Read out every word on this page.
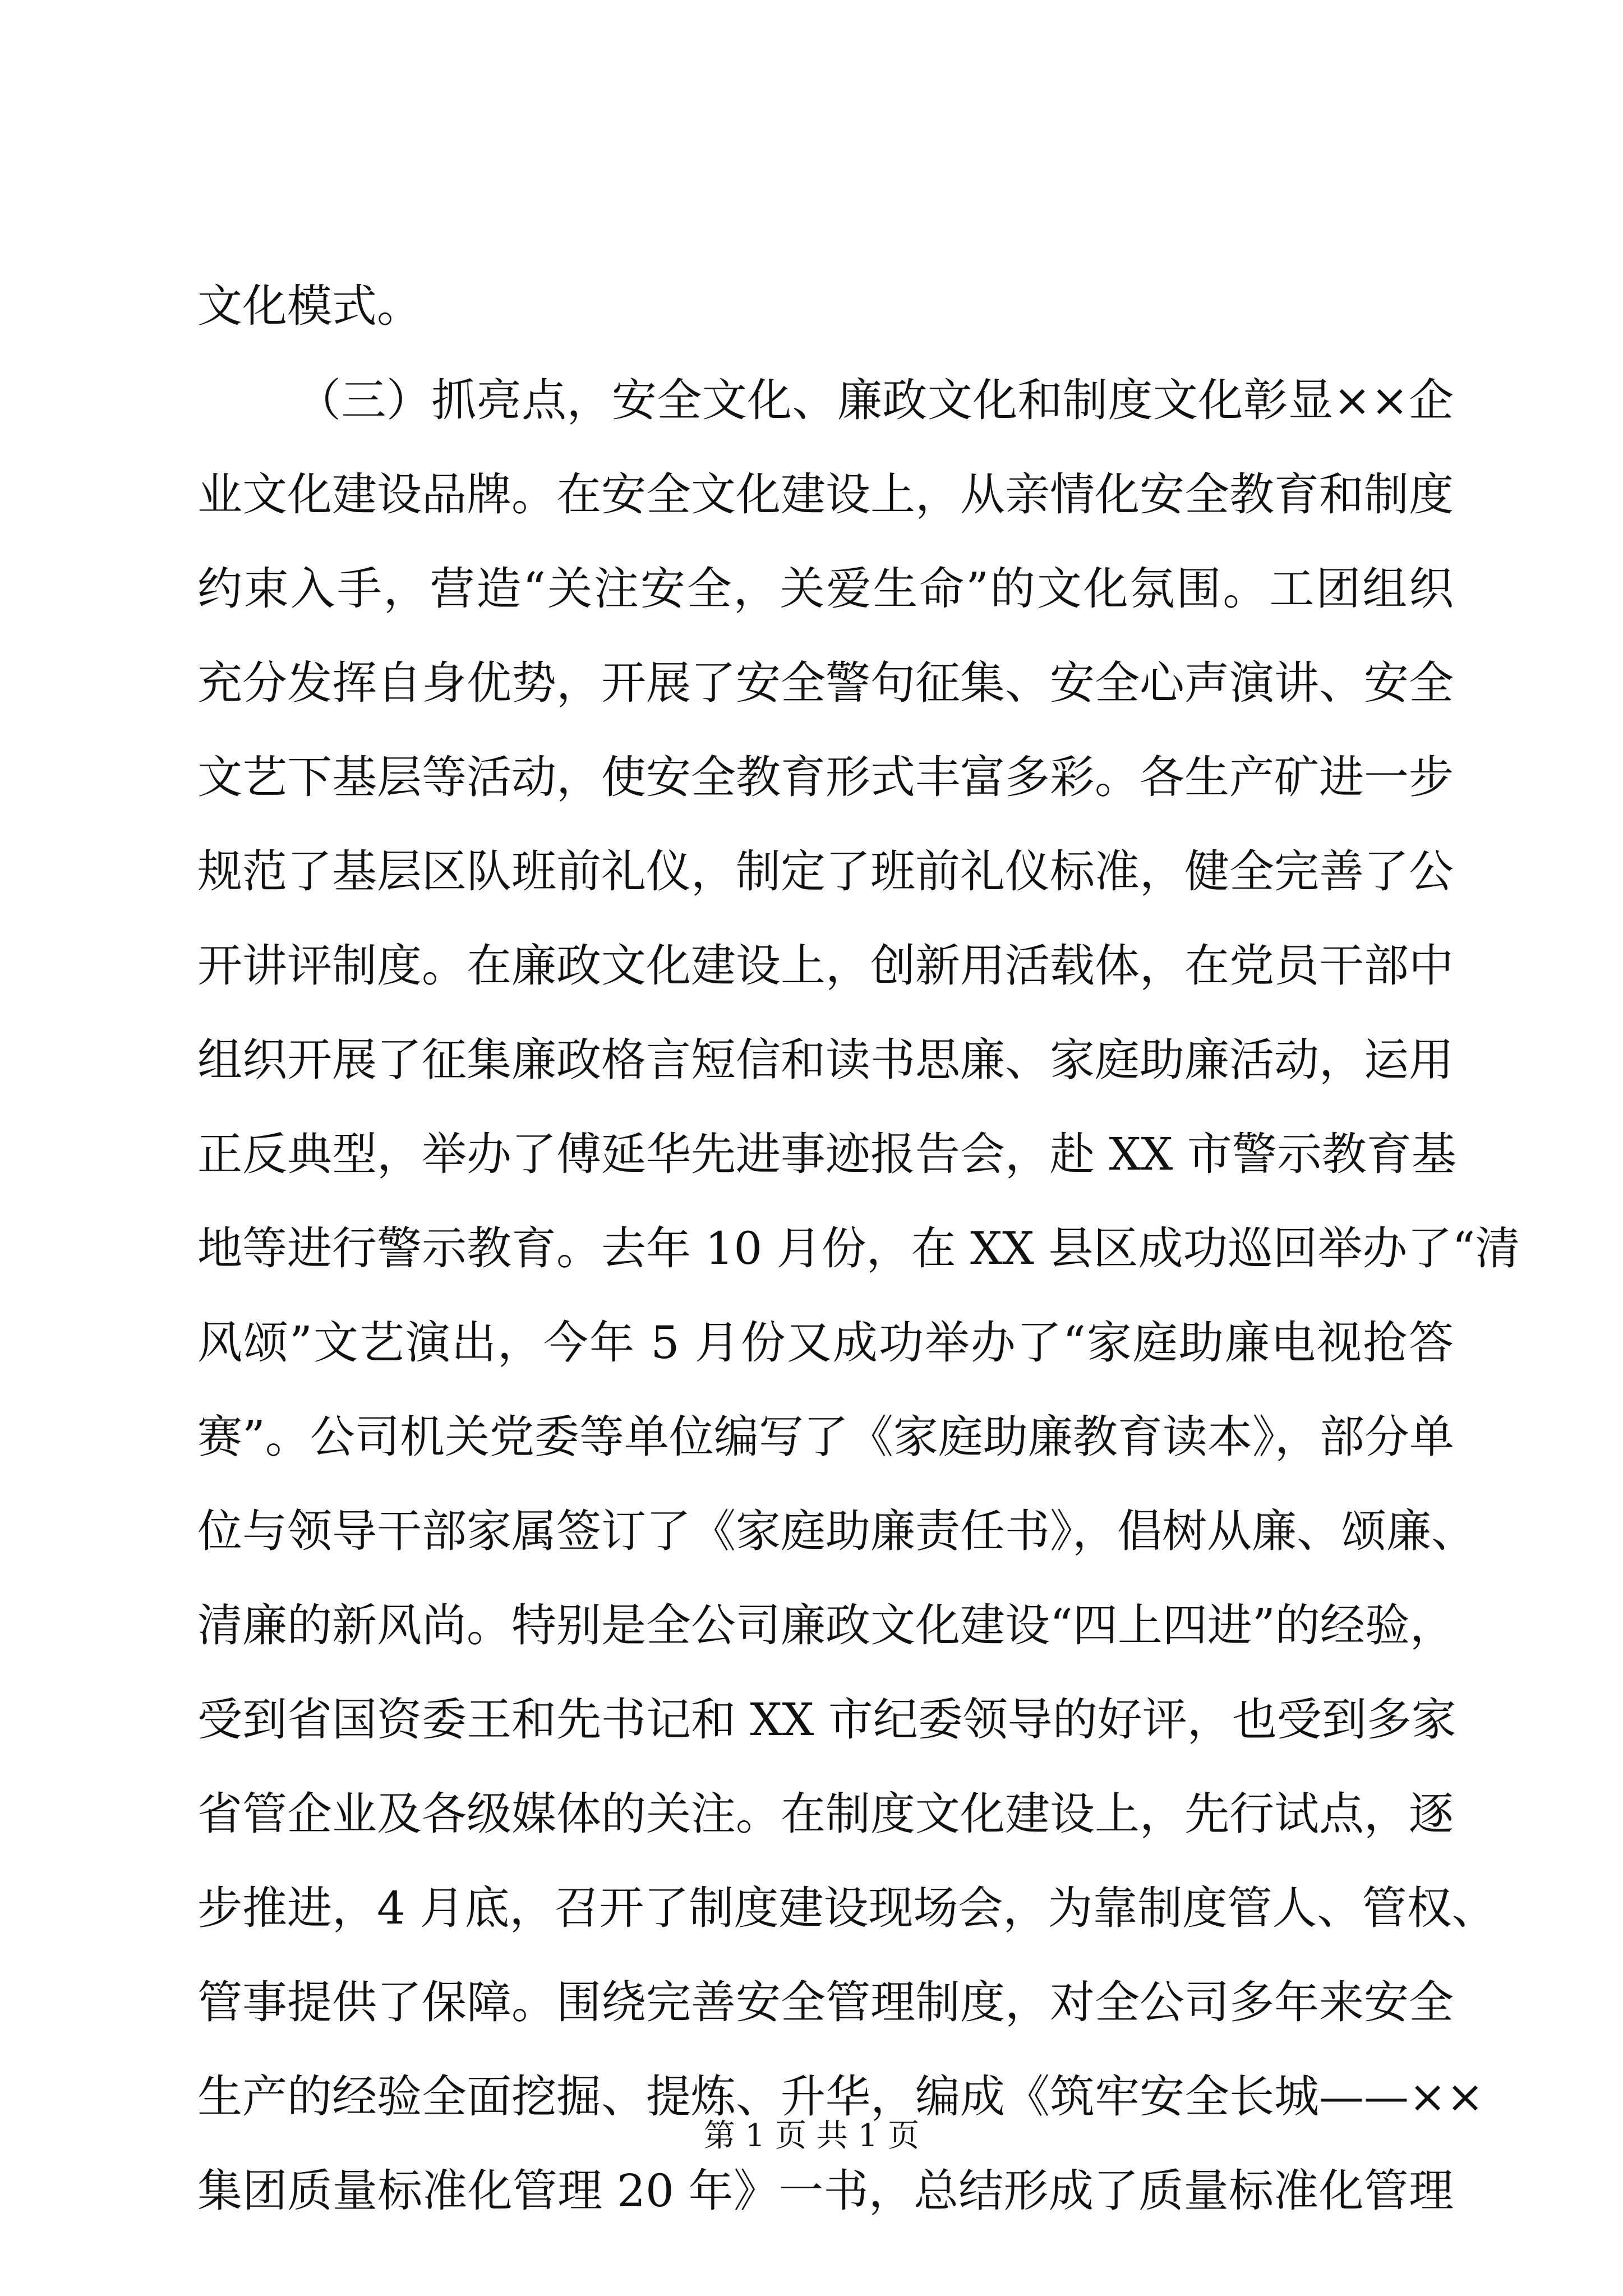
文化模式。
（三）抓亮点，安全文化、廉政文化和制度文化彰显××企
业文化建设品牌。在安全文化建设上，从亲情化安全教育和制度
约束入手，营造“关注安全，关爱生命”的文化氛围。工团组织
充分发挥自身优势，开展了安全警句征集、安全心声演讲、安全
文艺下基层等活动，使安全教育形式丰富多彩。各生产矿进一步
规范了基层区队班前礼仪，制定了班前礼仪标准，健全完善了公
开讲评制度。在廉政文化建设上，创新用活载体，在党员干部中
组织开展了征集廉政格言短信和读书思廉、家庭助廉活动，运用
正反典型，举办了傅延华先进事迹报告会，赴 XX 市警示教育基
地等进行警示教育。去年 10 月份，在 XX 县区成功巡回举办了“清
风颂”文艺演出，今年 5 月份又成功举办了“家庭助廉电视抢答
赛”。公司机关党委等单位编写了《家庭助廉教育读本》，部分单
位与领导干部家属签订了《家庭助廉责任书》，倡树从廉、颂廉、
清廉的新风尚。特别是全公司廉政文化建设“四上四进”的经验，
受到省国资委王和先书记和 XX 市纪委领导的好评，也受到多家
省管企业及各级媒体的关注。在制度文化建设上，先行试点，逐
步推进，4 月底，召开了制度建设现场会，为靠制度管人、管权、
管事提供了保障。围绕完善安全管理制度，对全公司多年来安全
生产的经验全面挖掘、提炼、升华，编成《筑牢安全长城——××
集团质量标准化管理 20 年》一书，总结形成了质量标准化管理
第 1 页 共 1 页
